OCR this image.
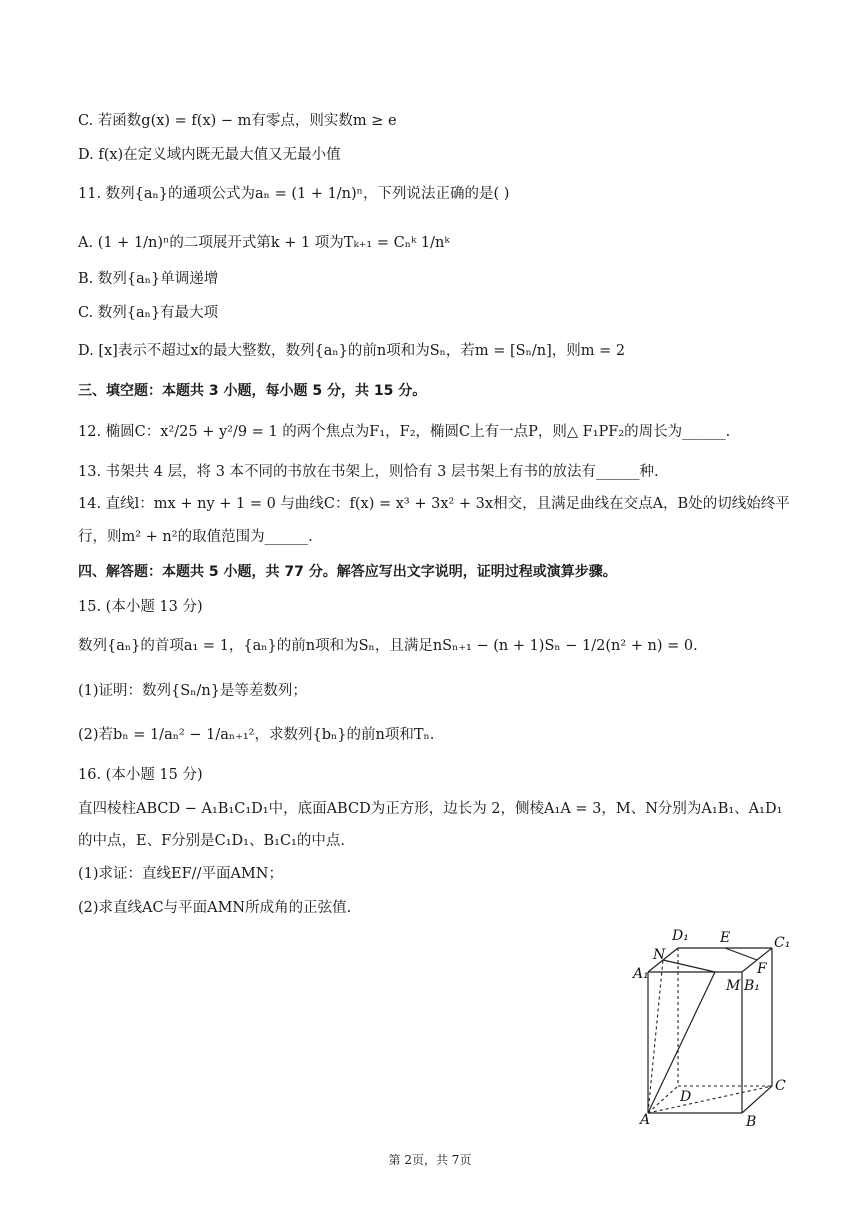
C. 若函数g(x) = f(x) − m有零点，则实数m ≥ e
D. f(x)在定义域内既无最大值又无最小值
11. 数列{aₙ}的通项公式为aₙ = (1 + 1/n)ⁿ，下列说法正确的是( )
A. (1 + 1/n)ⁿ的二项展开式第k + 1 项为Tₖ₊₁ = Cₙᵏ 1/nᵏ
B. 数列{aₙ}单调递增
C. 数列{aₙ}有最大项
D. [x]表示不超过x的最大整数，数列{aₙ}的前n项和为Sₙ，若m = [Sₙ/n]，则m = 2
三、填空题：本题共 3 小题，每小题 5 分，共 15 分。
12. 椭圆C：x²/25 + y²/9 = 1 的两个焦点为F₁，F₂，椭圆C上有一点P，则△ F₁PF₂的周长为______.
13. 书架共 4 层，将 3 本不同的书放在书架上，则恰有 3 层书架上有书的放法有______种.
14. 直线l：mx + ny + 1 = 0 与曲线C：f(x) = x³ + 3x² + 3x相交，且满足曲线在交点A，B处的切线始终平
行，则m² + n²的取值范围为______.
四、解答题：本题共 5 小题，共 77 分。解答应写出文字说明，证明过程或演算步骤。
15. (本小题 13 分)
数列{aₙ}的首项a₁ = 1，{aₙ}的前n项和为Sₙ，且满足nSₙ₊₁ − (n + 1)Sₙ − 1/2(n² + n) = 0.
(1)证明：数列{Sₙ/n}是等差数列；
(2)若bₙ = 1/aₙ² − 1/aₙ₊₁²，求数列{bₙ}的前n项和Tₙ.
16. (本小题 15 分)
直四棱柱ABCD − A₁B₁C₁D₁中，底面ABCD为正方形，边长为 2，侧棱A₁A = 3，M、N分别为A₁B₁、A₁D₁
的中点，E、F分别是C₁D₁、B₁C₁的中点.
(1)求证：直线EF//平面AMN；
(2)求直线AC与平面AMN所成角的正弦值.
D₁ E	C₁
N
F
A₁
M B₁
D
C
A	B
第 2页，共 7页
